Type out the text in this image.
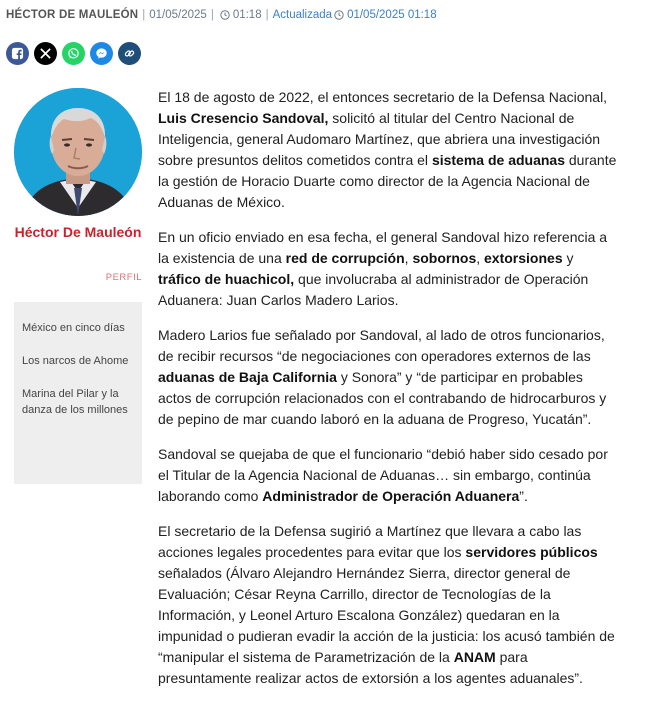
HÉCTOR DE MAULEÓN | 01/05/2025 | 01:18 | Actualizada 01/05/2025 01:18
Héctor De Mauleón
PERFIL
México en cinco días
Los narcos de Ahome
Marina del Pilar y la danza de los millones

El 18 de agosto de 2022, el entonces secretario de la Defensa Nacional, Luis Cresencio Sandoval, solicitó al titular del Centro Nacional de Inteligencia, general Audomaro Martínez, que abriera una investigación sobre presuntos delitos cometidos contra el sistema de aduanas durante la gestión de Horacio Duarte como director de la Agencia Nacional de Aduanas de México.

En un oficio enviado en esa fecha, el general Sandoval hizo referencia a la existencia de una red de corrupción, sobornos, extorsiones y tráfico de huachicol, que involucraba al administrador de Operación Aduanera: Juan Carlos Madero Larios.

Madero Larios fue señalado por Sandoval, al lado de otros funcionarios, de recibir recursos “de negociaciones con operadores externos de las aduanas de Baja California y Sonora” y “de participar en probables actos de corrupción relacionados con el contrabando de hidrocarburos y de pepino de mar cuando laboró en la aduana de Progreso, Yucatán”.

Sandoval se quejaba de que el funcionario “debió haber sido cesado por el Titular de la Agencia Nacional de Aduanas… sin embargo, continúa laborando como Administrador de Operación Aduanera”.

El secretario de la Defensa sugirió a Martínez que llevara a cabo las acciones legales procedentes para evitar que los servidores públicos señalados (Álvaro Alejandro Hernández Sierra, director general de Evaluación; César Reyna Carrillo, director de Tecnologías de la Información, y Leonel Arturo Escalona González) quedaran en la impunidad o pudieran evadir la acción de la justicia: los acusó también de “manipular el sistema de Parametrización de la ANAM para presuntamente realizar actos de extorsión a los agentes aduanales”.
